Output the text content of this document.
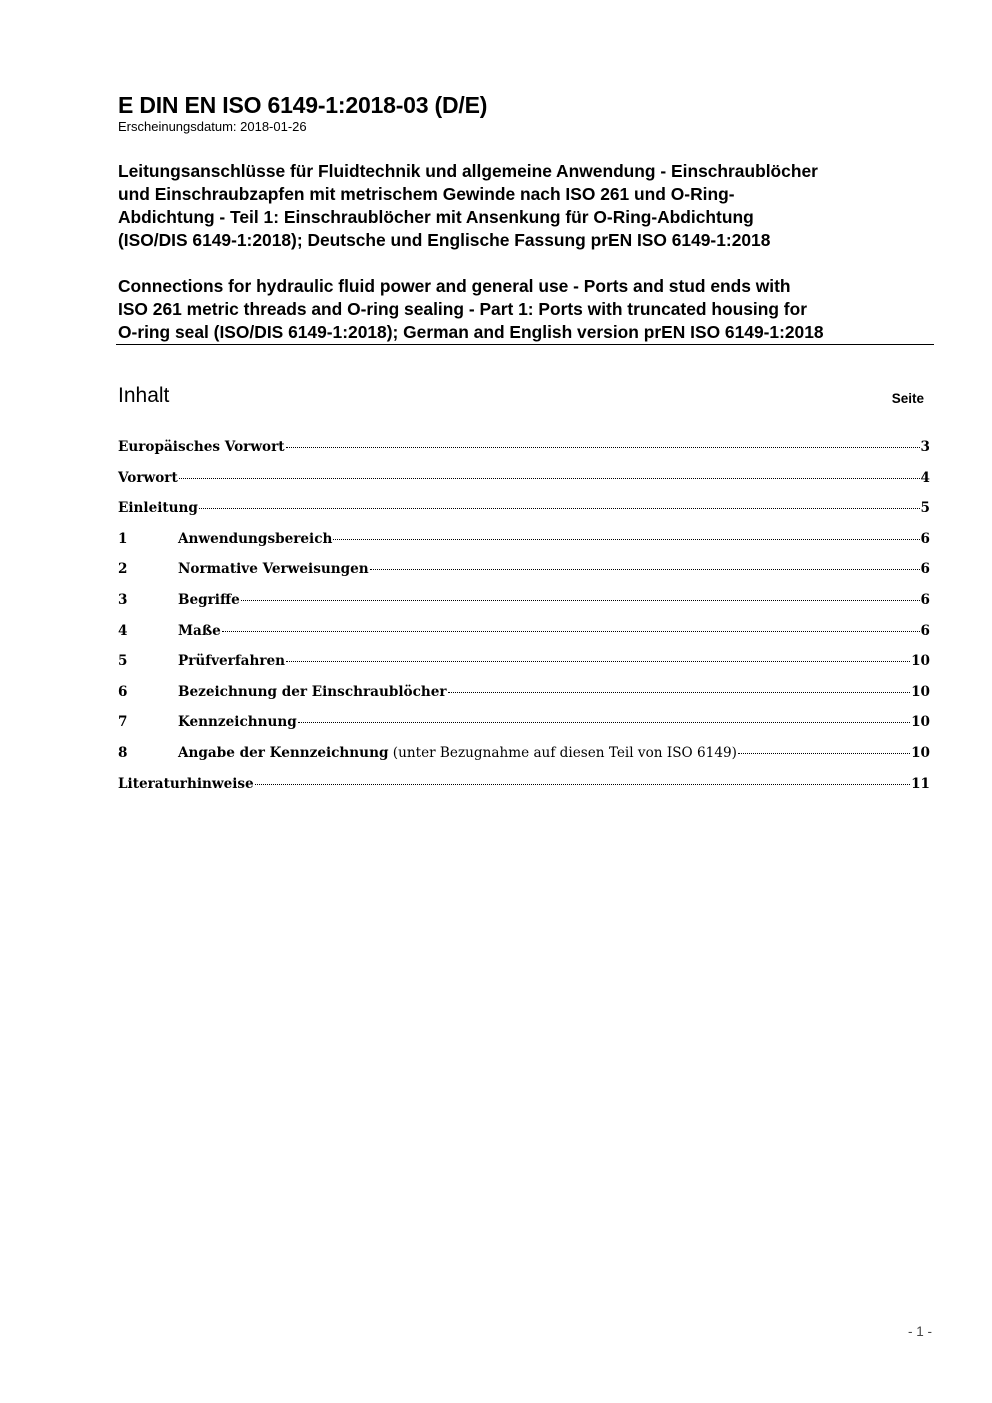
E DIN EN ISO 6149-1:2018-03 (D/E)
Erscheinungsdatum: 2018-01-26
Leitungsanschlüsse für Fluidtechnik und allgemeine Anwendung - Einschraublöcher
und Einschraubzapfen mit metrischem Gewinde nach ISO 261 und O-Ring-
Abdichtung - Teil 1: Einschraublöcher mit Ansenkung für O-Ring-Abdichtung
(ISO/DIS 6149-1:2018); Deutsche und Englische Fassung prEN ISO 6149-1:2018
Connections for hydraulic fluid power and general use - Ports and stud ends with
ISO 261 metric threads and O-ring sealing - Part 1: Ports with truncated housing for
O-ring seal (ISO/DIS 6149-1:2018); German and English version prEN ISO 6149-1:2018
Inhalt	Seite
Europäisches Vorwort	3
Vorwort	4
Einleitung	5
1	Anwendungsbereich	6
2	Normative Verweisungen	6
3	Begriffe	6
4	Maße	6
5	Prüfverfahren	10
6	Bezeichnung der Einschraublöcher	10
7	Kennzeichnung	10
8	Angabe der Kennzeichnung (unter Bezugnahme auf diesen Teil von ISO 6149)	10
Literaturhinweise	11
- 1 -
